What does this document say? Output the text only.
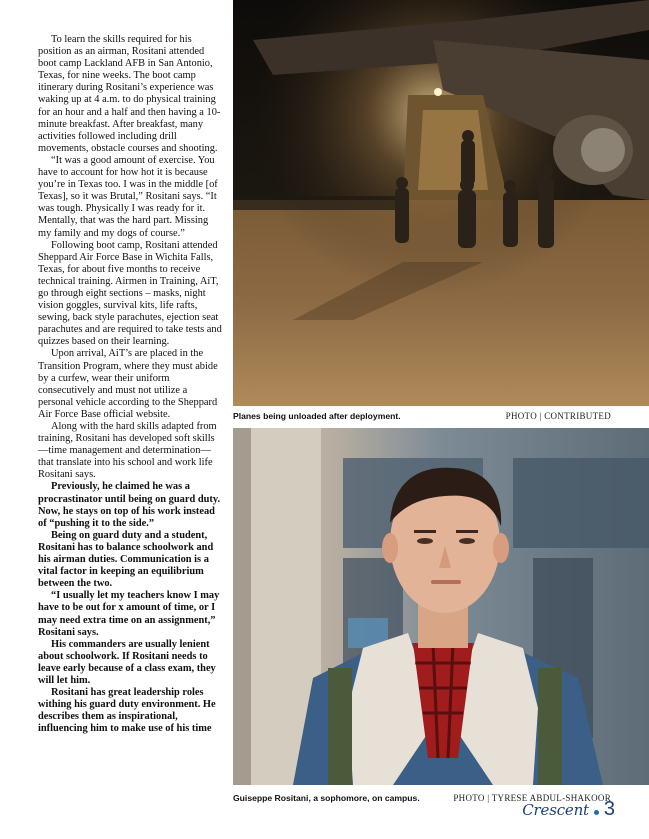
To learn the skills required for his position as an airman, Rositani attended boot camp Lackland AFB in San Antonio, Texas, for nine weeks. The boot camp itinerary during Rositani’s experience was waking up at 4 a.m. to do physical training for an hour and a half and then having a 10-minute breakfast. After breakfast, many activities followed including drill movements, obstacle courses and shooting.

“It was a good amount of exercise. You have to account for how hot it is because you’re in Texas too. I was in the middle [of Texas], so it was Brutal,” Rositani says. “It was tough. Physically I was ready for it. Mentally, that was the hard part. Missing my family and my dogs of course.”

Following boot camp, Rositani attended Sheppard Air Force Base in Wichita Falls, Texas, for about five months to receive technical training. Airmen in Training, AiT, go through eight sections – masks, night vision goggles, survival kits, life rafts, sewing, back style parachutes, ejection seat parachutes and are required to take tests and quizzes based on their learning.

Upon arrival, AiT’s are placed in the Transition Program, where they must abide by a curfew, wear their uniform consecutively and must not utilize a personal vehicle according to the Sheppard Air Force Base official website.

Along with the hard skills adapted from training, Rositani has developed soft skills—time management and determination—that translate into his school and work life Rositani says.

Previously, he claimed he was a procrastinator until being on guard duty. Now, he stays on top of his work instead of “pushing it to the side.”

Being on guard duty and a student, Rositani has to balance schoolwork and his airman duties. Communication is a vital factor in keeping an equilibrium between the two.

“I usually let my teachers know I may have to be out for x amount of time, or I may need extra time on an assignment,” Rositani says.

His commanders are usually lenient about schoolwork. If Rositani needs to leave early because of a class exam, they will let him.

Rositani has great leadership roles withing his guard duty environment. He describes them as inspirational, influencing him to make use of his time

Planes being unloaded after deployment.	PHOTO | CONTRIBUTED
Guiseppe Rositani, a sophomore, on campus.	PHOTO | TYRESE ABDUL-SHAKOOR
Crescent 3
